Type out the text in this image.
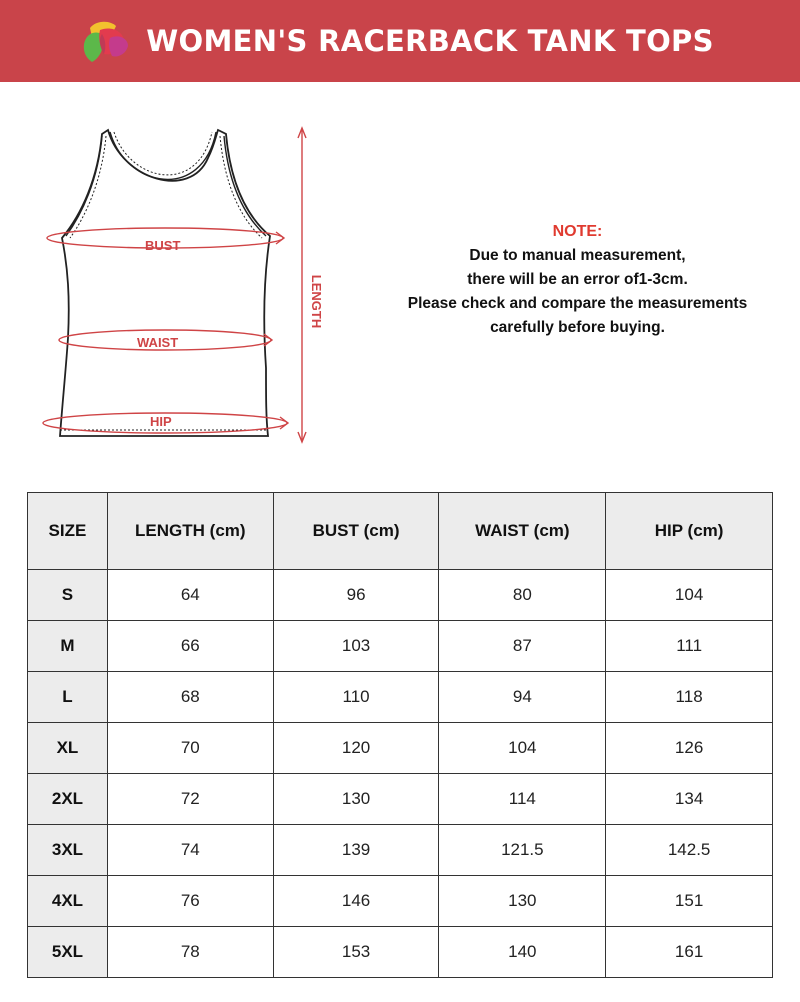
WOMEN'S RACERBACK TANK TOPS
BUST
WAIST
HIP
LENGTH
NOTE:
Due to manual measurement,
there will be an error of1-3cm.
Please check and compare the measurements
carefully before buying.
SIZE	LENGTH (cm)	BUST (cm)	WAIST (cm)	HIP (cm)
S	64	96	80	104
M	66	103	87	111
L	68	110	94	118
XL	70	120	104	126
2XL	72	130	114	134
3XL	74	139	121.5	142.5
4XL	76	146	130	151
5XL	78	153	140	161
